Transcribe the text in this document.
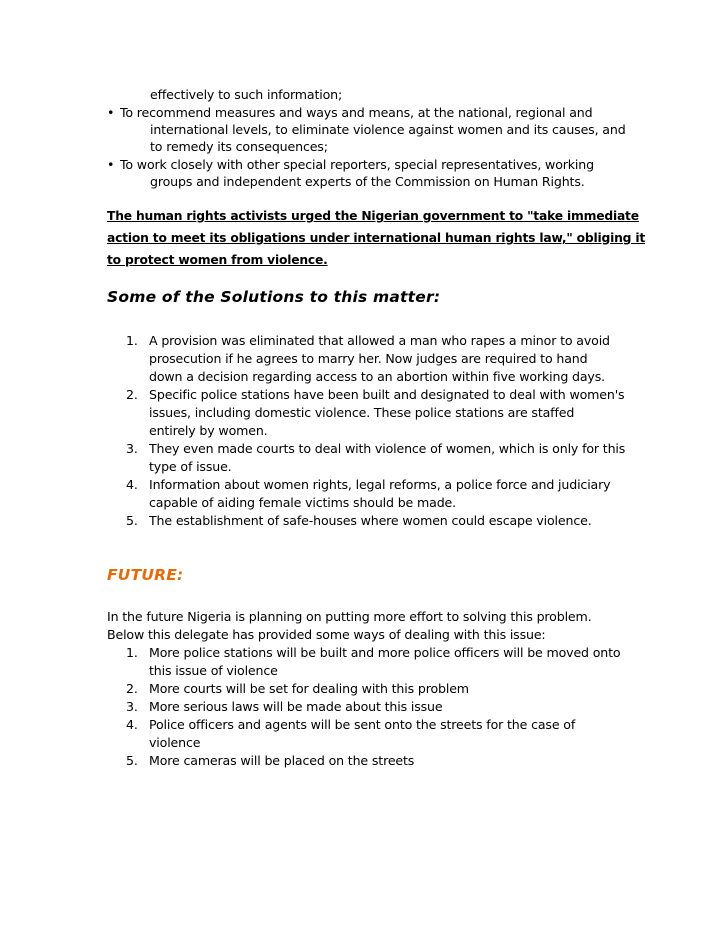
effectively to such information;
• To recommend measures and ways and means, at the national, regional and
international levels, to eliminate violence against women and its causes, and
to remedy its consequences;
• To work closely with other special reporters, special representatives, working
groups and independent experts of the Commission on Human Rights.
The human rights activists urged the Nigerian government to "take immediate
action to meet its obligations under international human rights law," obliging it
to protect women from violence.
Some of the Solutions to this matter:
1. A provision was eliminated that allowed a man who rapes a minor to avoid
prosecution if he agrees to marry her. Now judges are required to hand
down a decision regarding access to an abortion within five working days.
2. Specific police stations have been built and designated to deal with women's
issues, including domestic violence. These police stations are staffed
entirely by women.
3. They even made courts to deal with violence of women, which is only for this
type of issue.
4. Information about women rights, legal reforms, a police force and judiciary
capable of aiding female victims should be made.
5. The establishment of safe-houses where women could escape violence.
FUTURE:
In the future Nigeria is planning on putting more effort to solving this problem.
Below this delegate has provided some ways of dealing with this issue:
1. More police stations will be built and more police officers will be moved onto
this issue of violence
2. More courts will be set for dealing with this problem
3. More serious laws will be made about this issue
4. Police officers and agents will be sent onto the streets for the case of
violence
5. More cameras will be placed on the streets
